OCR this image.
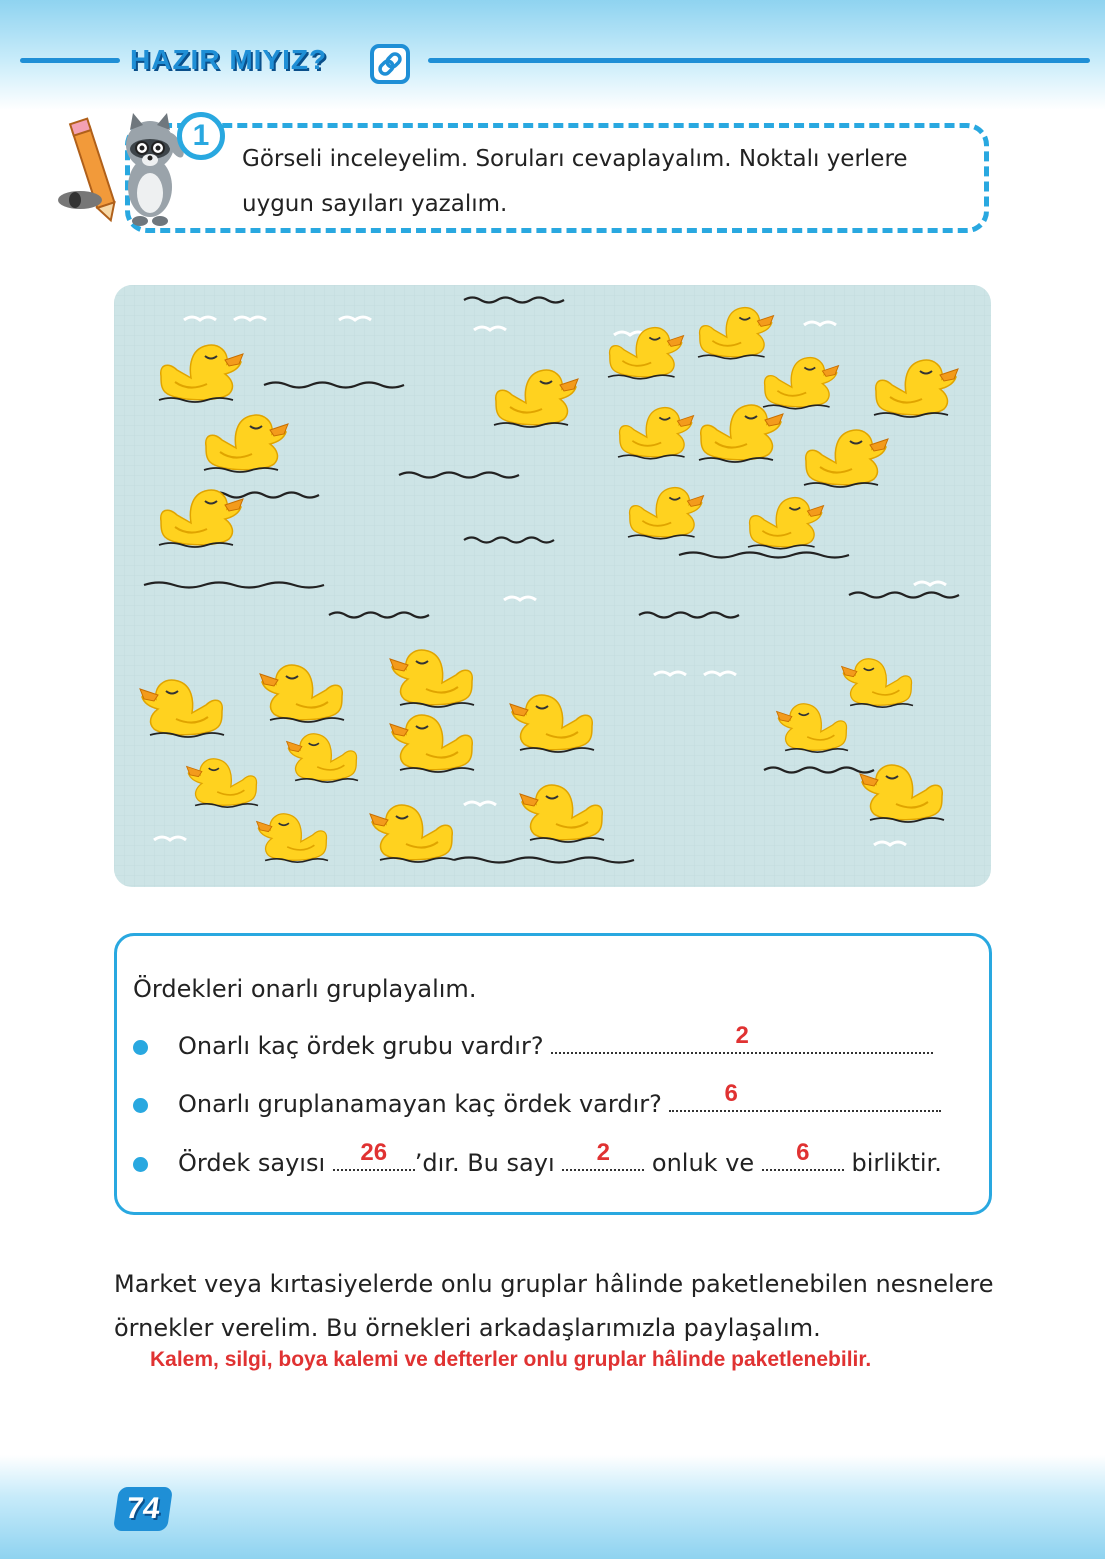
HAZIR MIYIZ?
1
Görseli inceleyelim. Soruları cevaplayalım. Noktalı yerlere uygun sayıları yazalım.
Ördekleri onarlı gruplayalım.
Onarlı kaç ördek grubu vardır?	2
Onarlı gruplanamayan kaç ördek vardır?	6
Ördek sayısı	26	’dır. Bu sayı	2	onluk ve	6	birliktir.
Market veya kırtasiyelerde onlu gruplar hâlinde paketlenebilen nesnelere örnekler verelim. Bu örnekleri arkadaşlarımızla paylaşalım.
Kalem, silgi, boya kalemi ve defterler onlu gruplar hâlinde paketlenebilir.
74
